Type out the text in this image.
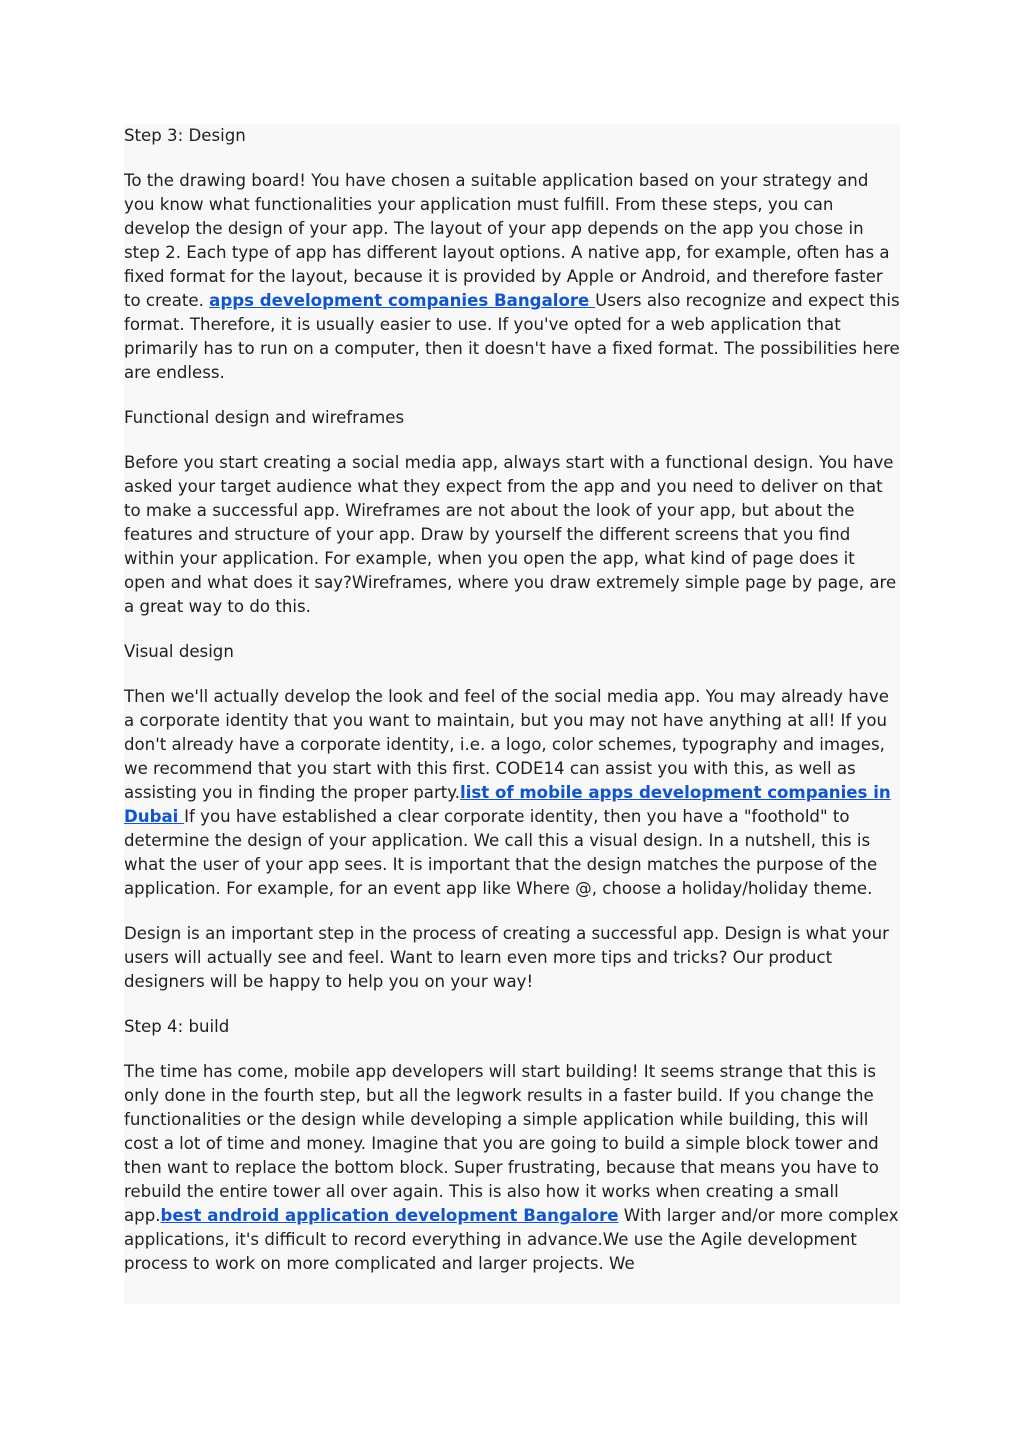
Step 3: Design

To the drawing board! You have chosen a suitable application based on your strategy and you know what functionalities your application must fulfill. From these steps, you can develop the design of your app. The layout of your app depends on the app you chose in step 2. Each type of app has different layout options. A native app, for example, often has a fixed format for the layout, because it is provided by Apple or Android, and therefore faster to create. apps development companies Bangalore Users also recognize and expect this format. Therefore, it is usually easier to use. If you've opted for a web application that primarily has to run on a computer, then it doesn't have a fixed format. The possibilities here are endless.

Functional design and wireframes

Before you start creating a social media app, always start with a functional design. You have asked your target audience what they expect from the app and you need to deliver on that to make a successful app. Wireframes are not about the look of your app, but about the features and structure of your app. Draw by yourself the different screens that you find within your application. For example, when you open the app, what kind of page does it open and what does it say?Wireframes, where you draw extremely simple page by page, are a great way to do this.

Visual design

Then we'll actually develop the look and feel of the social media app. You may already have a corporate identity that you want to maintain, but you may not have anything at all! If you don't already have a corporate identity, i.e. a logo, color schemes, typography and images, we recommend that you start with this first. CODE14 can assist you with this, as well as assisting you in finding the proper party.list of mobile apps development companies in Dubai If you have established a clear corporate identity, then you have a "foothold" to determine the design of your application. We call this a visual design. In a nutshell, this is what the user of your app sees. It is important that the design matches the purpose of the application. For example, for an event app like Where @, choose a holiday/holiday theme.

Design is an important step in the process of creating a successful app. Design is what your users will actually see and feel. Want to learn even more tips and tricks? Our product designers will be happy to help you on your way!

Step 4: build

The time has come, mobile app developers will start building! It seems strange that this is only done in the fourth step, but all the legwork results in a faster build. If you change the functionalities or the design while developing a simple application while building, this will cost a lot of time and money. Imagine that you are going to build a simple block tower and then want to replace the bottom block. Super frustrating, because that means you have to rebuild the entire tower all over again. This is also how it works when creating a small app.best android application development Bangalore With larger and/or more complex applications, it's difficult to record everything in advance.We use the Agile development process to work on more complicated and larger projects. We
